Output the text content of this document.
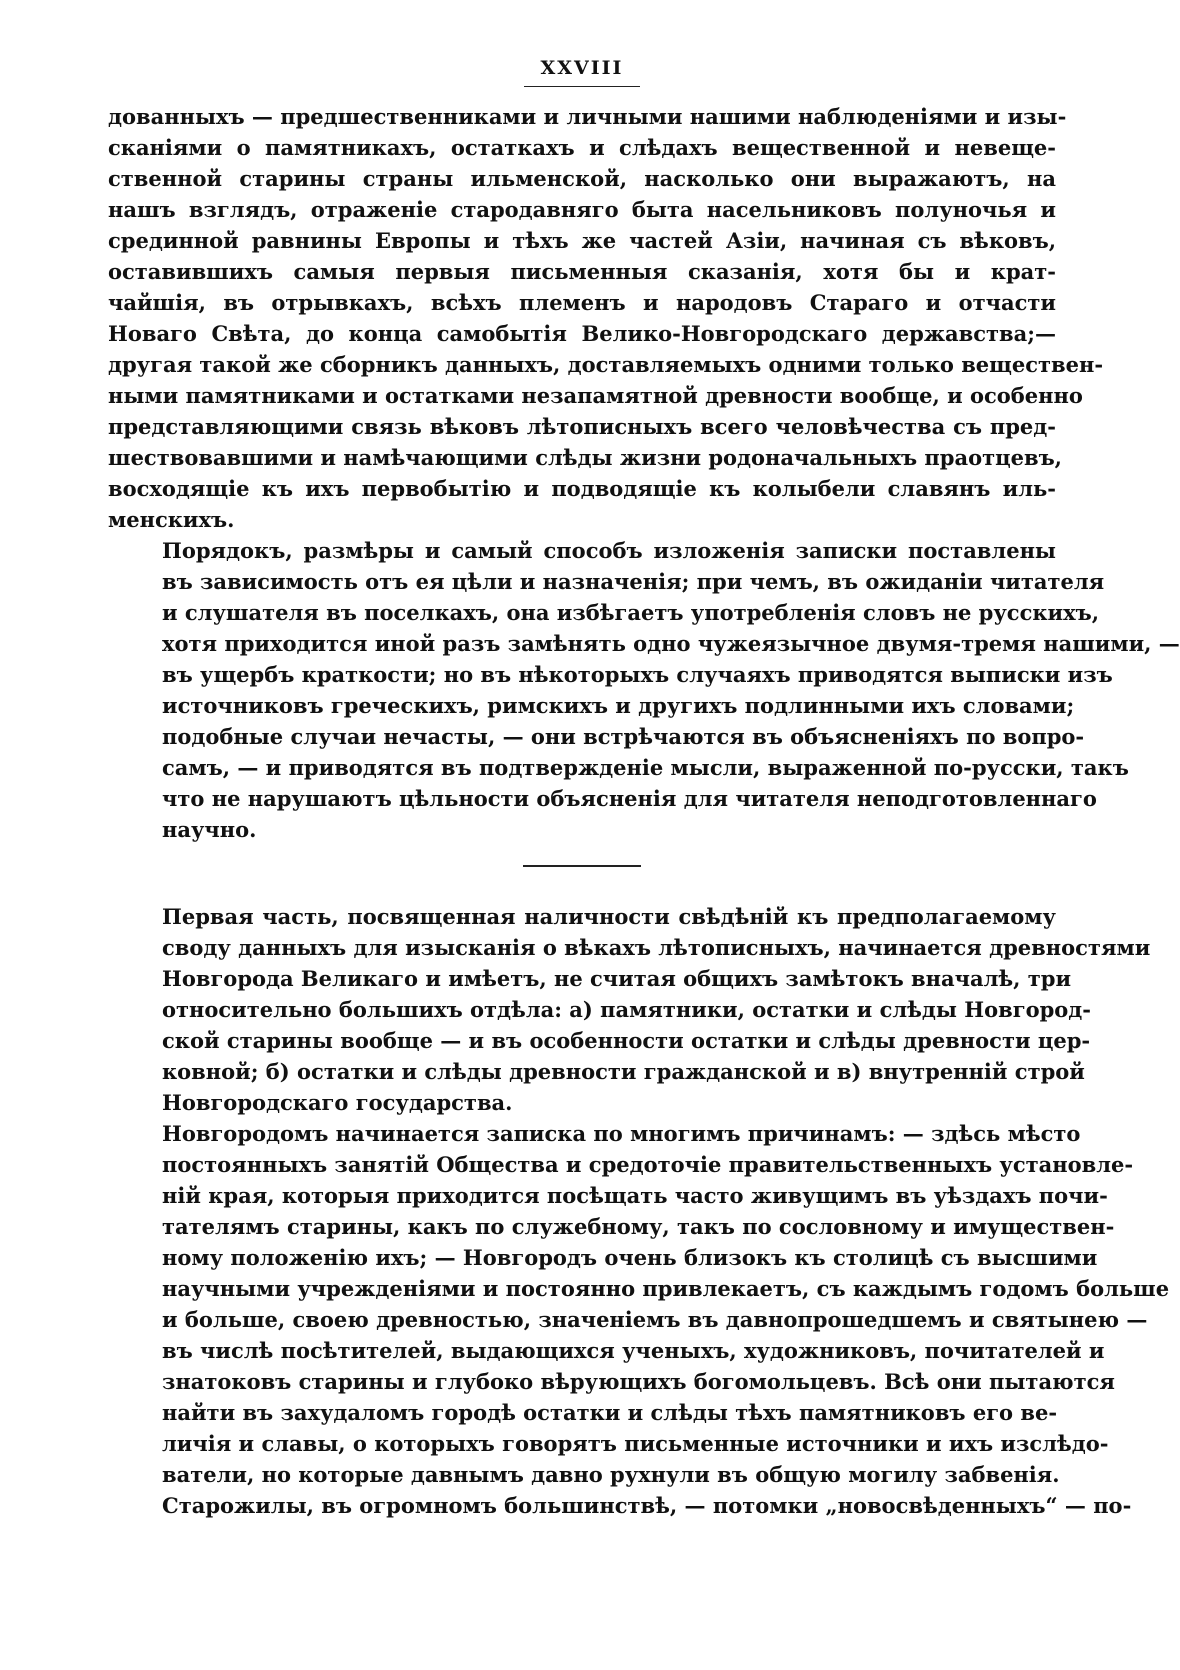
XXVIII

дованныхъ — предшественниками и личными нашими наблюденіями и изы-
сканіями о памятникахъ, остаткахъ и слѣдахъ вещественной и невеще-
ственной старины страны ильменской, насколько они выражаютъ, на
нашъ взглядъ, отраженіе стародавняго быта насельниковъ полуночья и
срединной равнины Европы и тѣхъ же частей Азіи, начиная съ вѣковъ,
оставившихъ самыя первыя письменныя сказанія, хотя бы и крат-
чайшія, въ отрывкахъ, всѣхъ племенъ и народовъ Стараго и отчасти
Новаго Свѣта, до конца самобытія Велико-Новгородскаго державства;—
другая такой же сборникъ данныхъ, доставляемыхъ одними только веществен-
ными памятниками и остатками незапамятной древности вообще, и особенно
представляющими связь вѣковъ лѣтописныхъ всего человѣчества съ пред-
шествовавшими и намѣчающими слѣды жизни родоначальныхъ праотцевъ,
восходящіе къ ихъ первобытію и подводящіе къ колыбели славянъ иль-
менскихъ.

Порядокъ, размѣры и самый способъ изложенія записки поставлены
въ зависимость отъ ея цѣли и назначенія; при чемъ, въ ожиданіи читателя
и слушателя въ поселкахъ, она избѣгаетъ употребленія словъ не русскихъ,
хотя приходится иной разъ замѣнять одно чужеязычное двумя-тремя нашими, —
въ ущербъ краткости; но въ нѣкоторыхъ случаяхъ приводятся выписки изъ
источниковъ греческихъ, римскихъ и другихъ подлинными ихъ словами;
подобные случаи нечасты, — они встрѣчаются въ объясненіяхъ по вопро-
самъ, — и приводятся въ подтвержденіе мысли, выраженной по-русски, такъ
что не нарушаютъ цѣльности объясненія для читателя неподготовленнаго
научно.

Первая часть, посвященная наличности свѣдѣній къ предполагаемому
своду данныхъ для изысканія о вѣкахъ лѣтописныхъ, начинается древностями
Новгорода Великаго и имѣетъ, не считая общихъ замѣтокъ вначалѣ, три
относительно большихъ отдѣла: а) памятники, остатки и слѣды Новгород-
ской старины вообще — и въ особенности остатки и слѣды древности цер-
ковной; б) остатки и слѣды древности гражданской и в) внутренній строй
Новгородскаго государства.

Новгородомъ начинается записка по многимъ причинамъ: — здѣсь мѣсто
постоянныхъ занятій Общества и средоточіе правительственныхъ установле-
ній края, которыя приходится посѣщать часто живущимъ въ уѣздахъ почи-
тателямъ старины, какъ по служебному, такъ по сословному и имуществен-
ному положенію ихъ; — Новгородъ очень близокъ къ столицѣ съ высшими
научными учрежденіями и постоянно привлекаетъ, съ каждымъ годомъ больше
и больше, своею древностью, значеніемъ въ давнопрошедшемъ и святынею —
въ числѣ посѣтителей, выдающихся ученыхъ, художниковъ, почитателей и
знатоковъ старины и глубоко вѣрующихъ богомольцевъ. Всѣ они пытаются
найти въ захудаломъ городѣ остатки и слѣды тѣхъ памятниковъ его ве-
личія и славы, о которыхъ говорятъ письменные источники и ихъ изслѣдо-
ватели, но которые давнымъ давно рухнули въ общую могилу забвенія.
Старожилы, въ огромномъ большинствѣ, — потомки „новосвѣденныхъ“ — по-
